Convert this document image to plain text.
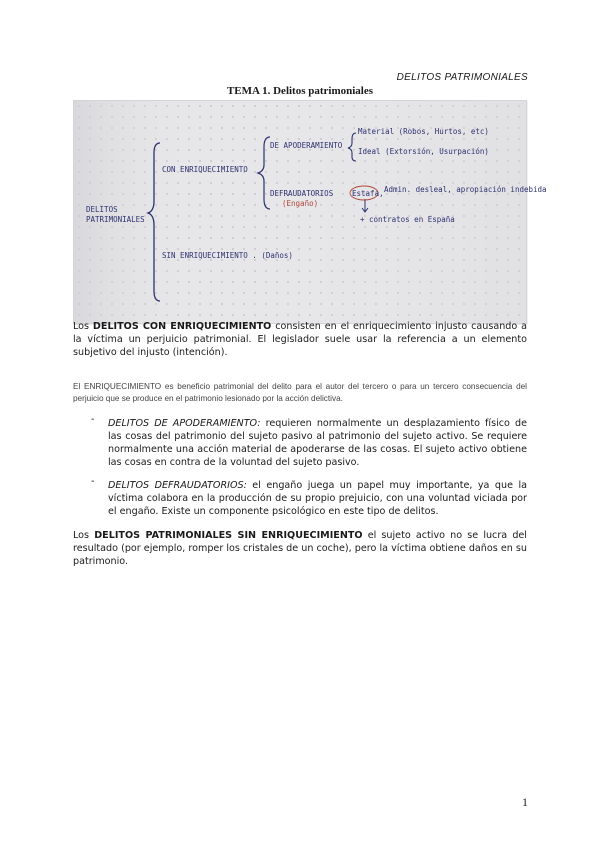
DELITOS PATRIMONIALES
TEMA 1. Delitos patrimoniales
DELITOS
PATRIMONIALES
CON ENRIQUECIMIENTO
SIN ENRIQUECIMIENTO . (Daños)
DE APODERAMIENTO
Material (Robos, Hurtos, etc)
Ideal (Extorsión, Usurpación)
DEFRAUDATORIOS
(Engaño)
Estafa, Admin. desleal, apropiación indebida
+ contratos en España

Los DELITOS CON ENRIQUECIMIENTO consisten en el enriquecimiento injusto causando a la víctima un perjuicio patrimonial. El legislador suele usar la referencia a un elemento subjetivo del injusto (intención).

El ENRIQUECIMIENTO es beneficio patrimonial del delito para el autor del tercero o para un tercero consecuencia del perjuicio que se produce en el patrimonio lesionado por la acción delictiva.

- DELITOS DE APODERAMIENTO: requieren normalmente un desplazamiento físico de las cosas del patrimonio del sujeto pasivo al patrimonio del sujeto activo. Se requiere normalmente una acción material de apoderarse de las cosas. El sujeto activo obtiene las cosas en contra de la voluntad del sujeto pasivo.

- DELITOS DEFRAUDATORIOS: el engaño juega un papel muy importante, ya que la víctima colabora en la producción de su propio prejuicio, con una voluntad viciada por el engaño. Existe un componente psicológico en este tipo de delitos.

Los DELITOS PATRIMONIALES SIN ENRIQUECIMIENTO el sujeto activo no se lucra del resultado (por ejemplo, romper los cristales de un coche), pero la víctima obtiene daños en su patrimonio.

1
